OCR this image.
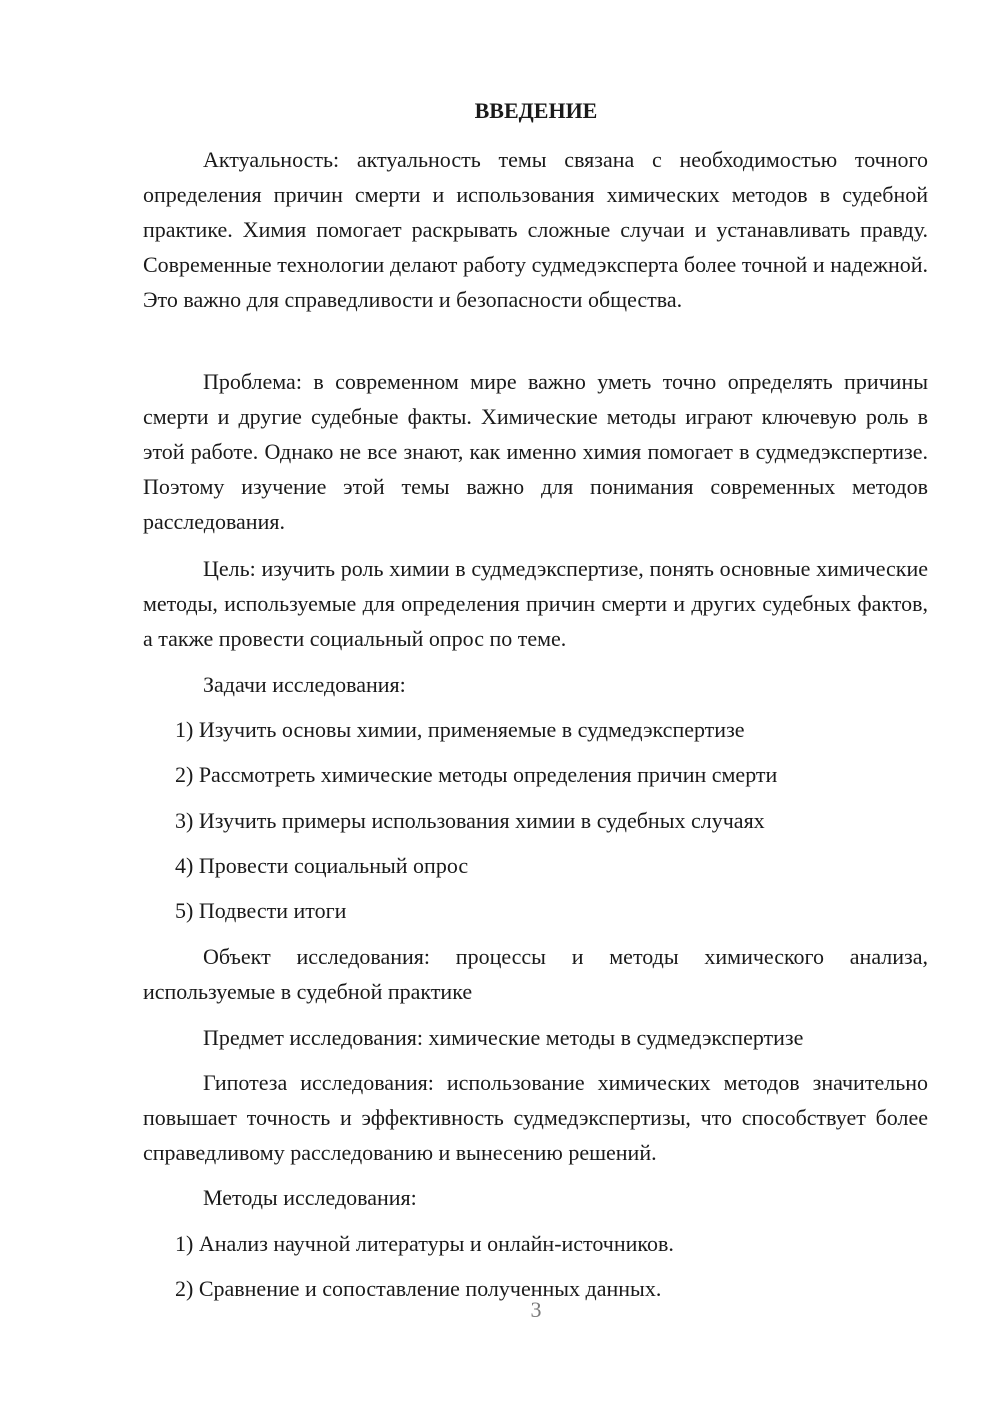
ВВЕДЕНИЕ

Актуальность: актуальность темы связана с необходимостью точного определения причин смерти и использования химических методов в судебной практике. Химия помогает раскрывать сложные случаи и устанавливать правду. Современные технологии делают работу судмедэксперта более точной и надежной. Это важно для справедливости и безопасности общества.

Проблема: в современном мире важно уметь точно определять причины смерти и другие судебные факты. Химические методы играют ключевую роль в этой работе. Однако не все знают, как именно химия помогает в судмедэкспертизе. Поэтому изучение этой темы важно для понимания современных методов расследования.

Цель: изучить роль химии в судмедэкспертизе, понять основные химические методы, используемые для определения причин смерти и других судебных фактов, а также провести социальный опрос по теме.

Задачи исследования:
1) Изучить основы химии, применяемые в судмедэкспертизе
2) Рассмотреть химические методы определения причин смерти
3) Изучить примеры использования химии в судебных случаях
4) Провести социальный опрос
5) Подвести итоги

Объект исследования: процессы и методы химического анализа, используемые в судебной практике

Предмет исследования: химические методы в судмедэкспертизе

Гипотеза исследования: использование химических методов значительно повышает точность и эффективность судмедэкспертизы, что способствует более справедливому расследованию и вынесению решений.

Методы исследования:
1) Анализ научной литературы и онлайн-источников.
2) Сравнение и сопоставление полученных данных.
3
